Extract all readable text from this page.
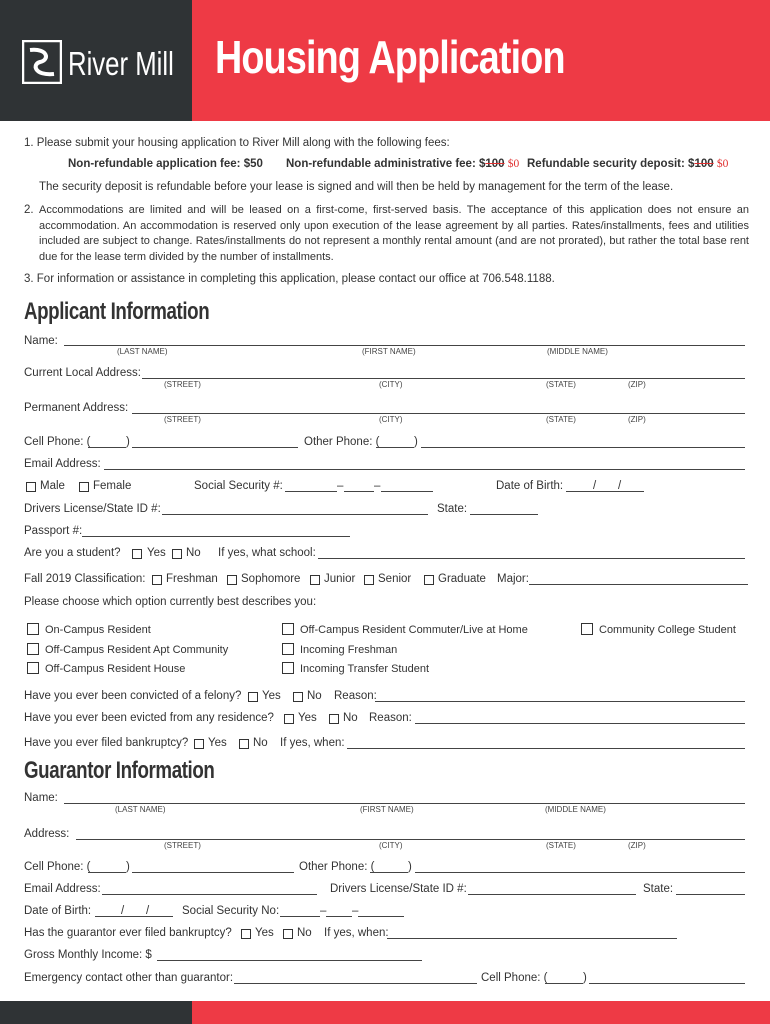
River Mill Housing Application
1. Please submit your housing application to River Mill along with the following fees:
Non-refundable application fee: $50 Non-refundable administrative fee: $100 $0 Refundable security deposit: $100 $0
The security deposit is refundable before your lease is signed and will then be held by management for the term of the lease.
2. Accommodations are limited and will be leased on a first-come, first-served basis. The acceptance of this application does not ensure an accommodation. An accommodation is reserved only upon execution of the lease agreement by all parties. Rates/installments, fees and utilities included are subject to change. Rates/installments do not represent a monthly rental amount (and are not prorated), but rather the total base rent due for the lease term divided by the number of installments.
3. For information or assistance in completing this application, please contact our office at 706.548.1188.
Applicant Information
Name:
(LAST NAME)	(FIRST NAME)	(MIDDLE NAME)
Current Local Address:
(STREET)	(CITY)	(STATE)	(ZIP)
Permanent Address:
(STREET)	(CITY)	(STATE)	(ZIP)
Cell Phone: (	)	Other Phone: (	)
Email Address:
Male Female	Social Security #:	–	–	Date of Birth:	/ /
Drivers License/State ID #:	State:
Passport #:
Are you a student? Yes No If yes, what school:
Fall 2019 Classification: Freshman Sophomore Junior Senior Graduate Major:
Please choose which option currently best describes you:
On-Campus Resident	Off-Campus Resident Commuter/Live at Home	Community College Student
Off-Campus Resident Apt Community	Incoming Freshman
Off-Campus Resident House	Incoming Transfer Student
Have you ever been convicted of a felony? Yes No Reason:
Have you ever been evicted from any residence? Yes No Reason:
Have you ever filed bankruptcy? Yes No If yes, when:
Guarantor Information
Name:
(LAST NAME)	(FIRST NAME)	(MIDDLE NAME)
Address:
(STREET)	(CITY)	(STATE)	(ZIP)
Cell Phone: (	)	Other Phone: (	)
Email Address:	Drivers License/State ID #:	State:
Date of Birth:	/ /	Social Security No:	– –
Has the guarantor ever filed bankruptcy? Yes No If yes, when:
Gross Monthly Income: $
Emergency contact other than guarantor:	Cell Phone: (	)
